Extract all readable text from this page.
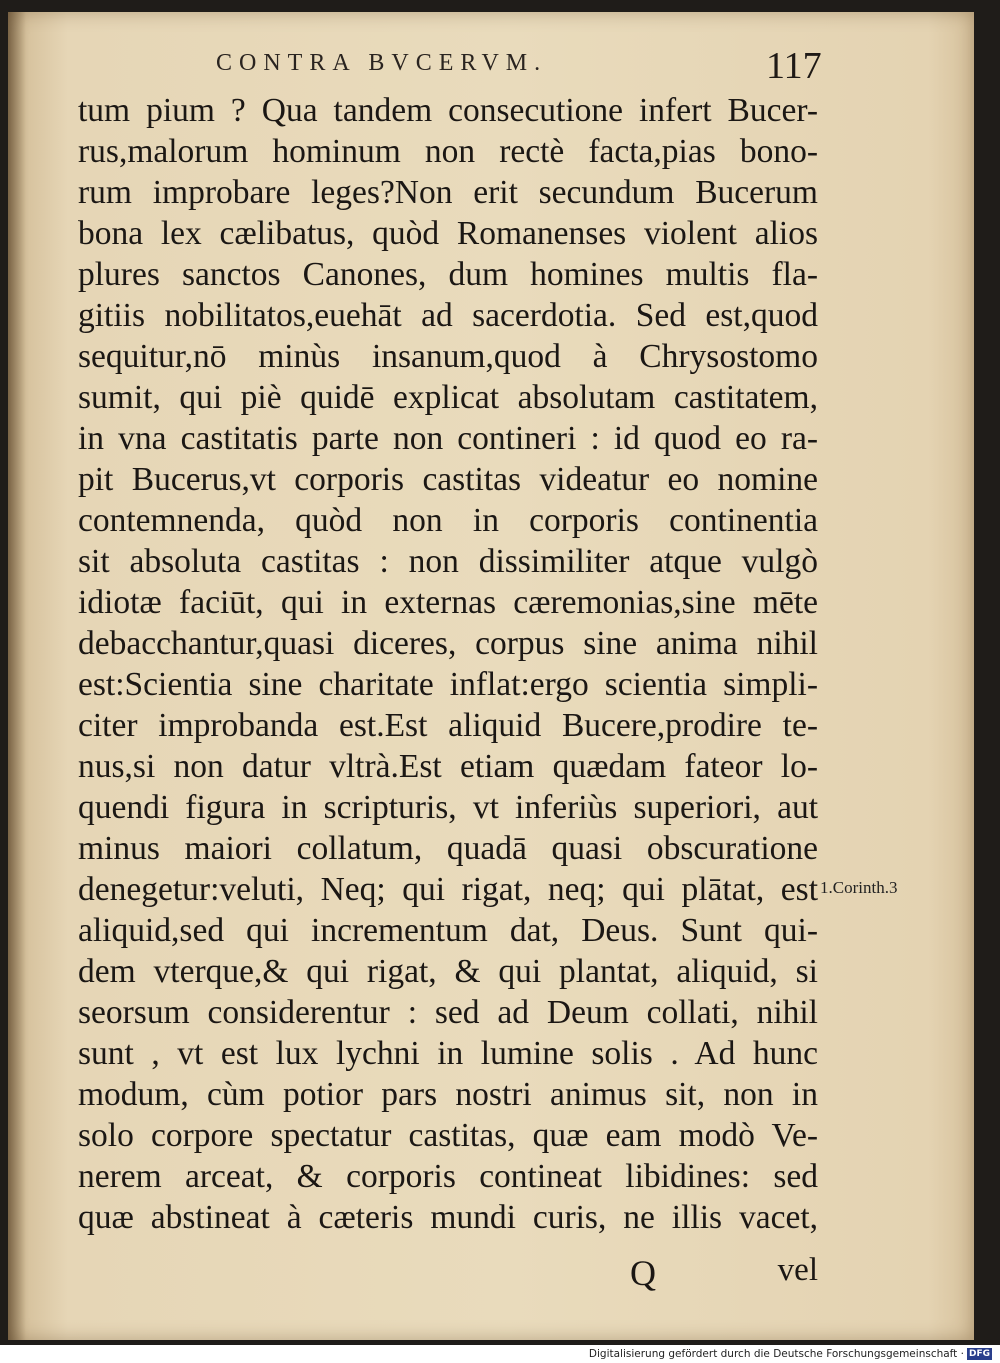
CONTRA BVCERVM.	117
tum pium ? Qua tandem consecutione infert Bucer-
rus,malorum hominum non rectè facta,pias bono-
rum improbare leges?Non erit secundum Bucerum
bona lex cælibatus, quòd Romanenses violent alios
plures sanctos Canones, dum homines multis fla-
gitiis nobilitatos,euehāt ad sacerdotia. Sed est,quod
sequitur,nō minùs insanum,quod à Chrysostomo
sumit, qui piè quidē explicat absolutam castitatem,
in vna castitatis parte non contineri : id quod eo ra-
pit Bucerus,vt corporis castitas videatur eo nomine
contemnenda, quòd non in corporis continentia
sit absoluta castitas : non dissimiliter atque vulgò
idiotæ faciūt, qui in externas cæremonias,sine mēte
debacchantur,quasi diceres, corpus sine anima nihil
est:Scientia sine charitate inflat:ergo scientia simpli-
citer improbanda est.Est aliquid Bucere,prodire te-
nus,si non datur vltrà.Est etiam quædam fateor lo-
quendi figura in scripturis, vt inferiùs superiori, aut
minus maiori collatum, quadā quasi obscuratione
denegetur:veluti, Neq; qui rigat, neq; qui plātat, est
aliquid,sed qui incrementum dat, Deus. Sunt qui-
dem vterque,& qui rigat, & qui plantat, aliquid, si
seorsum considerentur : sed ad Deum collati, nihil
sunt , vt est lux lychni in lumine solis . Ad hunc
modum, cùm potior pars nostri animus sit, non in
solo corpore spectatur castitas, quæ eam modò Ve-
nerem arceat, & corporis contineat libidines: sed
quæ abstineat à cæteris mundi curis, ne illis vacet,
1.Corinth.3
Q	vel
Digitalisierung gefördert durch die Deutsche Forschungsgemeinschaft · DFG
